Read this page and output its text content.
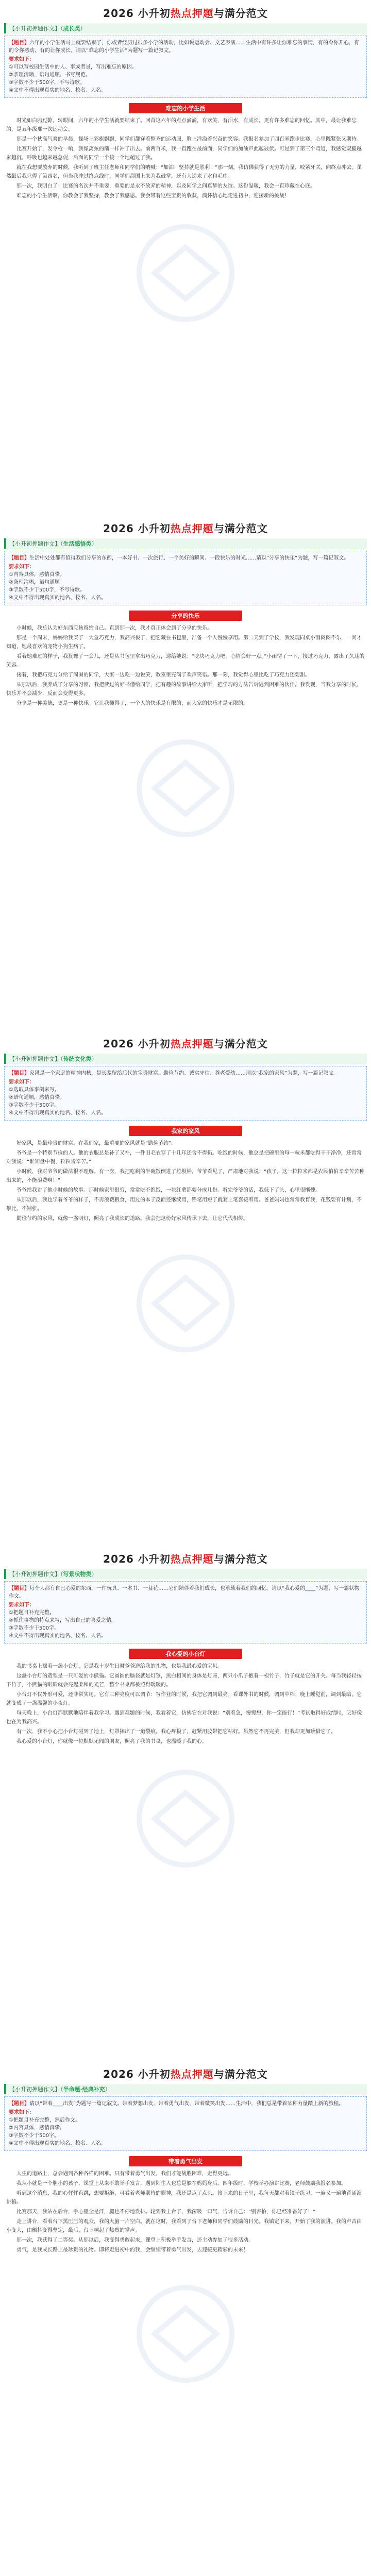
2026 小升初热点押题与满分范文
【小升初押题作文】（成长类）
【题目】六年的小学生活马上就要结束了，你或者经历过很多小学的活动，比如说运动会、文艺表演……生活中有许多让你难忘的事情，有的令你开心，有的令你感动，有的让你成长。请以“难忘的小学生活”为题写一篇记叙文。
要求如下：
①可以写校园生活中的人、事或者景，写出难忘的原因。
②条理清晰，语句通顺，书写规范。
③字数不少于500字，不写诗歌。
④文中不得出现真实的地名、校名、人名。
难忘的小学生活

时光如白驹过隙，转眼间，六年的小学生活就要结束了。回首这六年的点点滴滴，有欢笑，有泪水，有成长，更有许多难忘的回忆。其中，最让我难忘的，是五年级那一次运动会。

那是一个秋高气爽的早晨，操场上彩旗飘飘，同学们都穿着整齐的运动服，脸上洋溢着兴奋的笑容。我报名参加了四百米跑步比赛，心里既紧张又期待。

比赛开始了，发令枪一响，我像离弦的箭一样冲了出去。前两百米，我一直跑在最前面，同学们的加油声此起彼伏。可是到了第三个弯道，我感觉双腿越来越沉，呼吸也越来越急促，后面的同学一个接一个地超过了我。

就在我想要放弃的时候，我听到了班主任老师和同学们的呐喊：“加油！坚持就是胜利！”那一刻，我仿佛获得了无穷的力量，咬紧牙关，向终点冲去。虽然最后我只得了第四名，但当我冲过终点线时，同学们都围上来为我鼓掌，还有人递来了水和毛巾。

那一次，我明白了：比赛的名次并不重要，重要的是永不放弃的精神，以及同学之间真挚的友谊。这份温暖，我会一直珍藏在心底。

难忘的小学生活啊，你教会了我坚持，教会了我感恩。我会带着这些宝贵的收获，满怀信心地走进初中，迎接新的挑战！

2026 小升初热点押题与满分范文
【小升初押题作文】（生活感悟类）
【题目】生活中处处都有值得我们分享的东西，一本好书、一次旅行、一个美好的瞬间、一段快乐的时光……请以“分享的快乐”为题，写一篇记叙文。
要求如下：
①内容具体，感情真挚。
②条理清晰，语句通顺。
③字数不少于500字，不写诗歌。
④文中不得出现真实的地名、校名、人名。
分享的快乐

小时候，我总认为好东西应该留给自己。直到那一次，我才真正体会到了分享的快乐。

那是一个周末，妈妈给我买了一大盒巧克力，我高兴极了，把它藏在书包里，准备一个人慢慢享用。第二天到了学校，我发现同桌小雨闷闷不乐，一问才知道，她最喜欢的宠物小狗生病了。

看着她难过的样子，我犹豫了一会儿，还是从书包里拿出巧克力，递给她说：“吃块巧克力吧，心情会好一点。”小雨愣了一下，接过巧克力，露出了久违的笑容。

接着，我把巧克力分给了周围的同学，大家一边吃一边说笑，教室里充满了欢声笑语。那一刻，我觉得心里比吃了巧克力还要甜。

从那以后，我养成了分享的习惯。我把读过的好书借给同学，把有趣的故事讲给大家听，把学习的方法告诉遇到困难的伙伴。我发现，当我分享的时候，快乐并不会减少，反而会变得更多。

分享是一种美德，更是一种快乐。它让我懂得了，一个人的快乐是有限的，而大家的快乐才是无限的。

2026 小升初热点押题与满分范文
【小升初押题作文】（传统文化类）
【题目】家风是一个家庭的精神内核，是长辈留给后代的宝贵财富。勤俭节约、诚实守信、尊老爱幼……请以“我家的家风”为题，写一篇记叙文。
要求如下：
①选取具体事例来写。
②语句通顺，感情真挚。
③字数不少于500字。
④文中不得出现真实的地名、校名、人名。
我家的家风

好家风，是最珍贵的财富。在我们家，最重要的家风就是“勤俭节约”。

爷爷是一个特别节俭的人。他的衣服总是补了又补，一件旧毛衣穿了十几年还舍不得扔。吃饭的时候，他总是把碗里的每一粒米都吃得干干净净，还常常对我说：“谁知盘中餐，粒粒皆辛苦。”

小时候，我对爷爷的做法很不理解。有一次，我把吃剩的半碗饭倒进了垃圾桶，爷爷看见了，严肃地对我说：“孩子，这一粒粒米都是农民伯伯辛辛苦苦种出来的，不能浪费啊！”

爷爷给我讲了他小时候的故事。那时候家里很穷，常常吃不饱饭，一块红薯都要分成几份。听完爷爷的话，我低下了头，心里很惭愧。

从那以后，我也学着爷爷的样子，不再浪费粮食，用过的本子反面还继续用，铅笔用短了就套上笔套接着用。爸爸妈妈也常常教育我，花钱要有计划，不攀比，不铺张。

勤俭节约的家风，就像一盏明灯，照亮了我成长的道路。我会把这份好家风传承下去，让它代代相传。

2026 小升初热点押题与满分范文
【小升初押题作文】（写景状物类）
【题目】每个人都有自己心爱的东西，一件玩具、一本书、一盆花……它们陪伴着我们成长，也承载着我们的回忆。请以“我心爱的____”为题，写一篇状物作文。
要求如下：
①把题目补充完整。
②抓住事物的特点来写，写出自己的喜爱之情。
③字数不少于500字。
④文中不得出现真实的地名、校名、人名。
我心爱的小台灯

我的书桌上摆着一盏小台灯，它是我十岁生日时爸爸送给我的礼物，也是我最心爱的宝贝。

这盏小台灯的造型是一只可爱的小熊猫。它圆圆的脑袋就是灯罩，黑白相间的身体是灯座，两只小爪子抱着一根竹子，竹子就是它的开关。每当我轻轻按下竹子，小熊猫的眼睛就会亮起柔和的光芒，整个书桌都被照得暖暖的。

小台灯不仅外形可爱，还非常实用。它有三种亮度可以调节：写作业的时候，我把它调到最亮；看课外书的时候，调到中档；晚上睡觉前，调到最暗，它就变成了一盏温馨的小夜灯。

每天晚上，小台灯都默默地陪伴着我学习。遇到难题的时候，我看着它，仿佛它在对我说：“别着急，慢慢想，你一定能行！”考试取得好成绩时，它好像也在为我高兴。

有一次，我不小心把小台灯碰到了地上，灯罩摔出了一道裂痕。我心疼极了，赶紧用胶带把它粘好。虽然它不再完美，但我却更加珍惜它了。

我心爱的小台灯，你就像一位默默无闻的朋友，照亮了我的书桌，也温暖了我的心。

2026 小升初热点押题与满分范文
【小升初押题作文】（半命题·经典补充）
【题目】请以“带着____出发”为题写一篇记叙文。带着梦想出发，带着勇气出发，带着微笑出发……生活中，我们总是带着某种力量踏上新的旅程。
要求如下：
①把题目补充完整，然后作文。
②内容具体，感情真挚。
③字数不少于500字。
④文中不得出现真实的地名、校名、人名。
带着勇气出发

人生的道路上，总会遇到各种各样的困难。只有带着勇气出发，我们才能战胜困难，走得更远。

我从小就是一个胆小的孩子，课堂上从来不敢举手发言，遇到陌生人也总是躲在妈妈身后。四年级时，学校举办演讲比赛，老师鼓励我报名参加。

听到这个消息，我的心怦怦直跳，想要拒绝，可看着老师期待的眼神，我还是点了点头。接下来的日子里，我每天都对着镜子练习，一遍又一遍地背诵演讲稿。

比赛那天，我站在后台，手心里全是汗，腿也不停地发抖。轮到我上台了，我深吸一口气，告诉自己：“别害怕，你已经准备好了！”

走上讲台，看着台下黑压压的观众，我的大脑一片空白。就在这时，我看到了台下老师和同学们鼓励的目光。我镇定下来，开始了我的演讲。我的声音由小变大，由颤抖变得坚定，最后，台下响起了热烈的掌声。

那一次，我获得了二等奖。从那以后，我变得勇敢起来，课堂上积极举手发言，还主动参加了很多活动。

勇气，是我成长路上最珍贵的礼物。即将走进初中的我，会继续带着勇气出发，去迎接更精彩的未来！
